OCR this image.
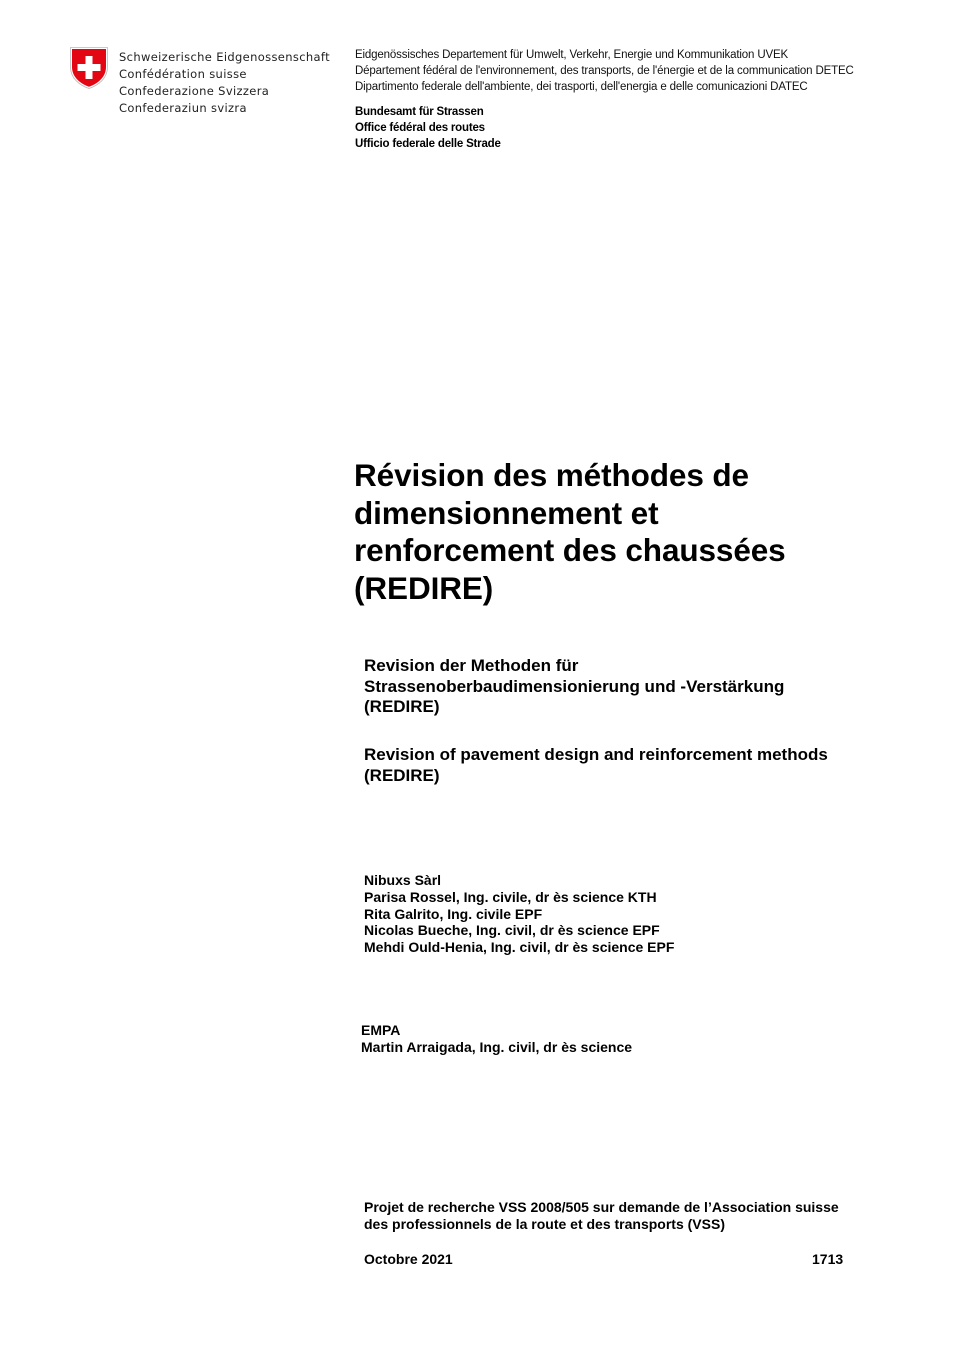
Schweizerische Eidgenossenschaft
Confédération suisse
Confederazione Svizzera
Confederaziun svizra
Eidgenössisches Departement für Umwelt, Verkehr, Energie und Kommunikation UVEK
Département fédéral de l'environnement, des transports, de l'énergie et de la communication DETEC
Dipartimento federale dell'ambiente, dei trasporti, dell'energia e delle comunicazioni DATEC
Bundesamt für Strassen
Office fédéral des routes
Ufficio federale delle Strade
Révision des méthodes de
dimensionnement et
renforcement des chaussées
(REDIRE)
Revision der Methoden für
Strassenoberbaudimensionierung und -Verstärkung
(REDIRE)
Revision of pavement design and reinforcement methods
(REDIRE)
Nibuxs Sàrl
Parisa Rossel, Ing. civile, dr ès science KTH
Rita Galrito, Ing. civile EPF
Nicolas Bueche, Ing. civil, dr ès science EPF
Mehdi Ould-Henia, Ing. civil, dr ès science EPF
EMPA
Martin Arraigada, Ing. civil, dr ès science
Projet de recherche VSS 2008/505 sur demande de l’Association suisse
des professionnels de la route et des transports (VSS)
Octobre 2021	1713
